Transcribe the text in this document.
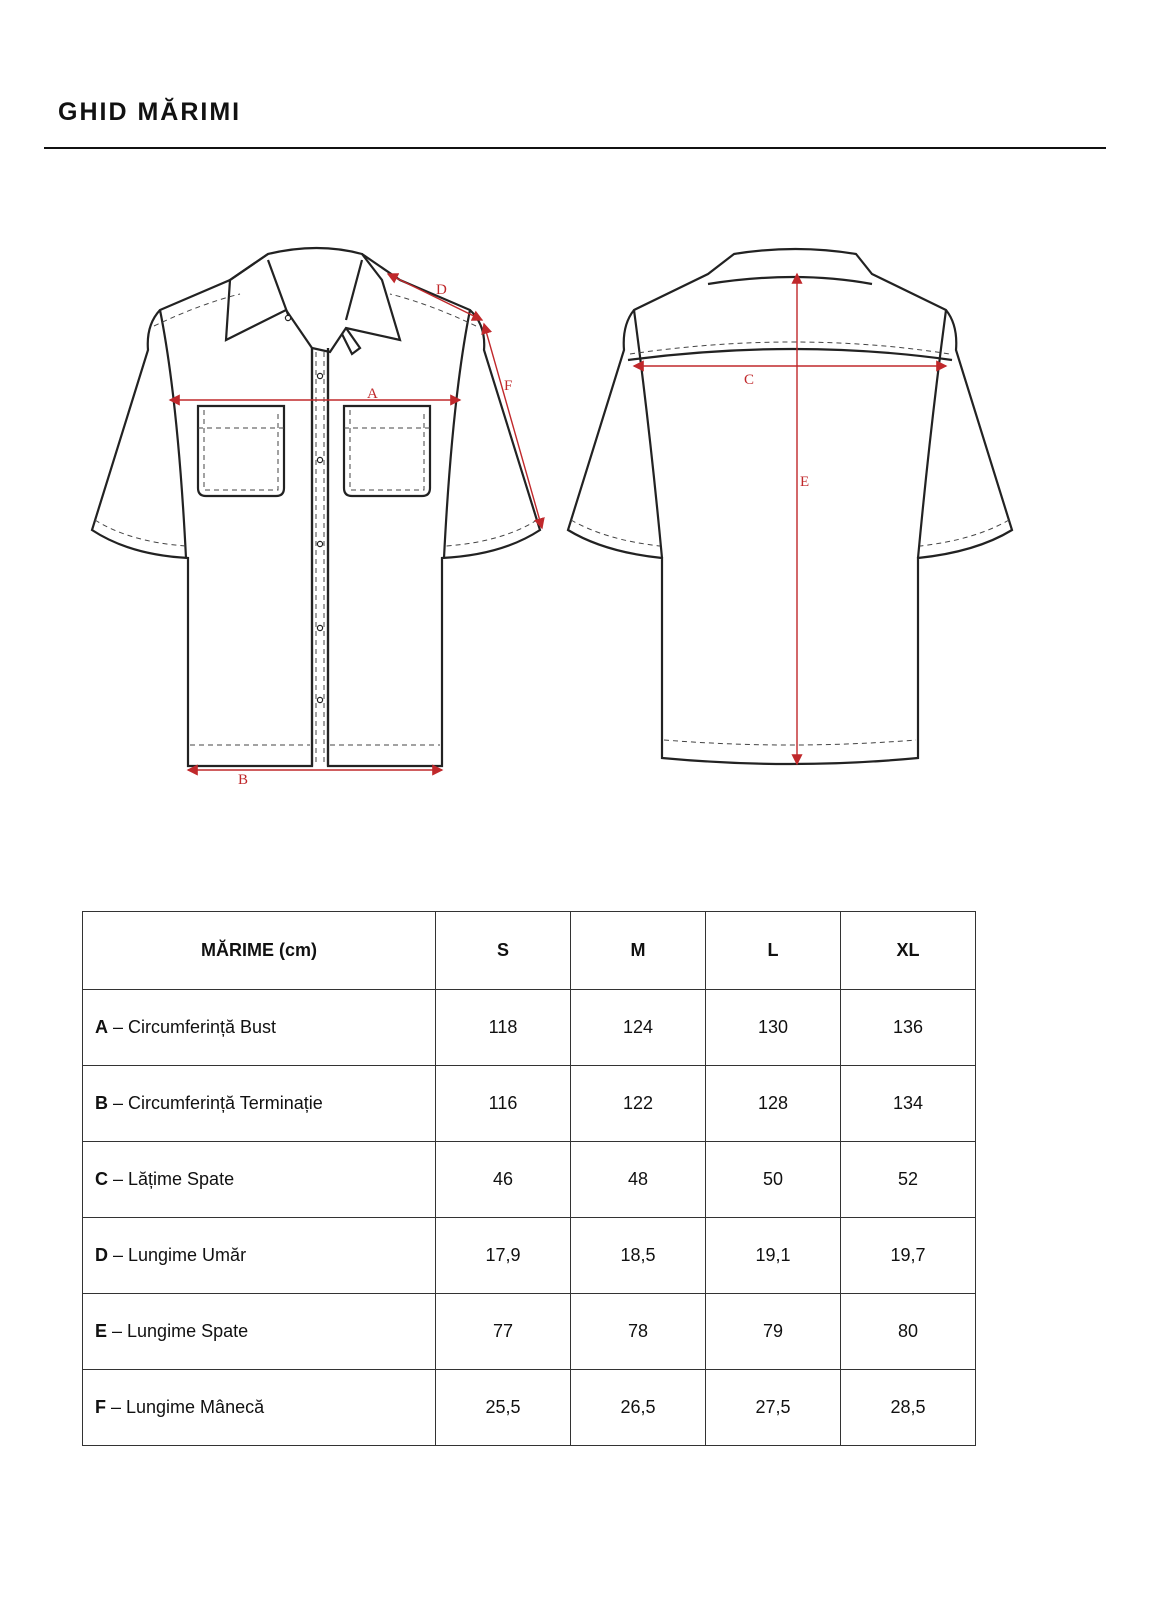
GHID MĂRIMI
A
B
C
D
E
F
MĂRIME (cm)	S	M	L	XL
A – Circumferință Bust	118	124	130	136
B – Circumferință Terminație	116	122	128	134
C – Lățime Spate	46	48	50	52
D – Lungime Umăr	17,9	18,5	19,1	19,7
E – Lungime Spate	77	78	79	80
F – Lungime Mânecă	25,5	26,5	27,5	28,5
